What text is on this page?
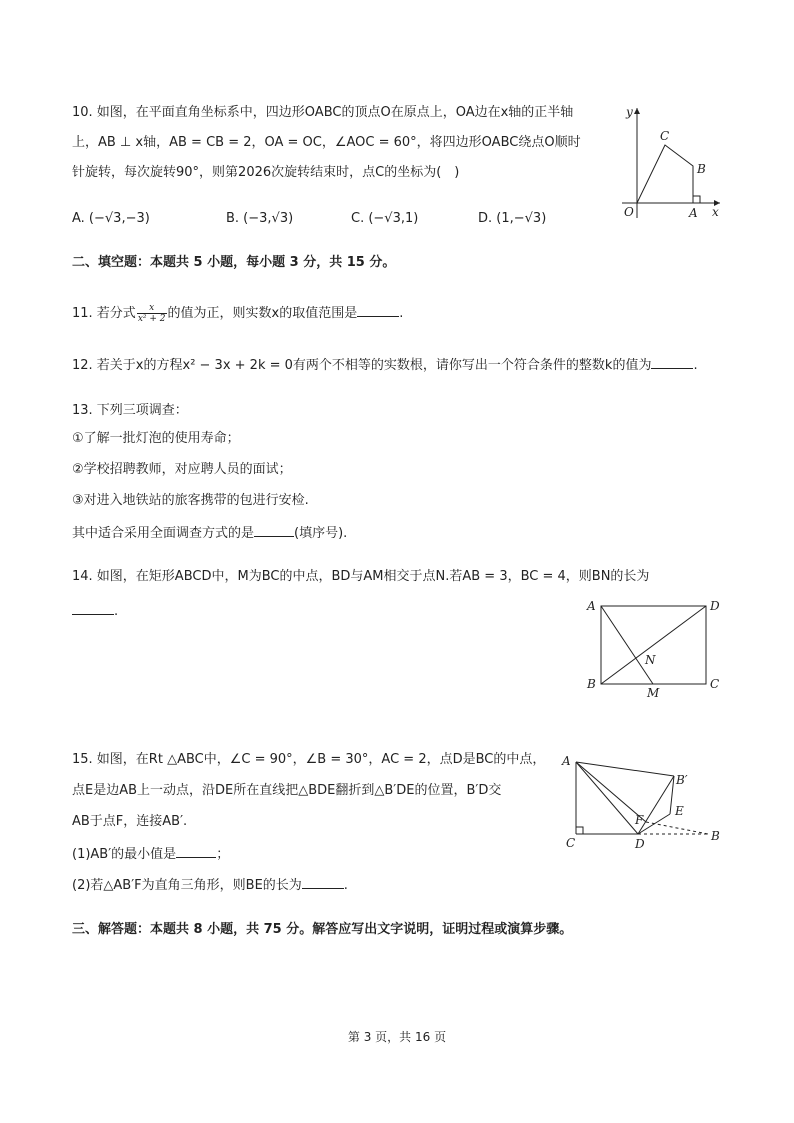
10. 如图，在平面直角坐标系中，四边形OABC的顶点O在原点上，OA边在x轴的正半轴
上，AB ⊥ x轴，AB = CB = 2，OA = OC，∠AOC = 60°，将四边形OABC绕点O顺时
针旋转，每次旋转90°，则第2026次旋转结束时，点C的坐标为(　)
A. (−√3,−3)	B. (−3,√3)	C. (−√3,1)	D. (1,−√3)
y
x
O	A
B
C
二、填空题：本题共 5 小题，每小题 3 分，共 15 分。
11. 若分式 $\frac{x}{\text{x² + 2}}$ 的值为正，则实数x的取值范围是	.
12. 若关于x的方程x² − 3x + 2k = 0有两个不相等的实数根，请你写出一个符合条件的整数k的值为	.
13. 下列三项调查：
①了解一批灯泡的使用寿命；
②学校招聘教师，对应聘人员的面试；
③对进入地铁站的旅客携带的包进行安检.
其中适合采用全面调查方式的是	(填序号).
14. 如图，在矩形ABCD中，M为BC的中点，BD与AM相交于点N.若AB = 3，BC = 4，则BN的长为
.	A	D
B	C
M
N
15. 如图，在Rt △ABC中，∠C = 90°，∠B = 30°，AC = 2，点D是BC的中点，
点E是边AB上一动点，沿DE所在直线把△BDE翻折到△B′DE的位置，B′D交
AB于点F，连接AB′.
(1)AB′的最小值是	；
(2)若△AB′F为直角三角形，则BE的长为	.
A
C	D
B
B′
E
F
三、解答题：本题共 8 小题，共 75 分。解答应写出文字说明，证明过程或演算步骤。
第 3 页，共 16 页
